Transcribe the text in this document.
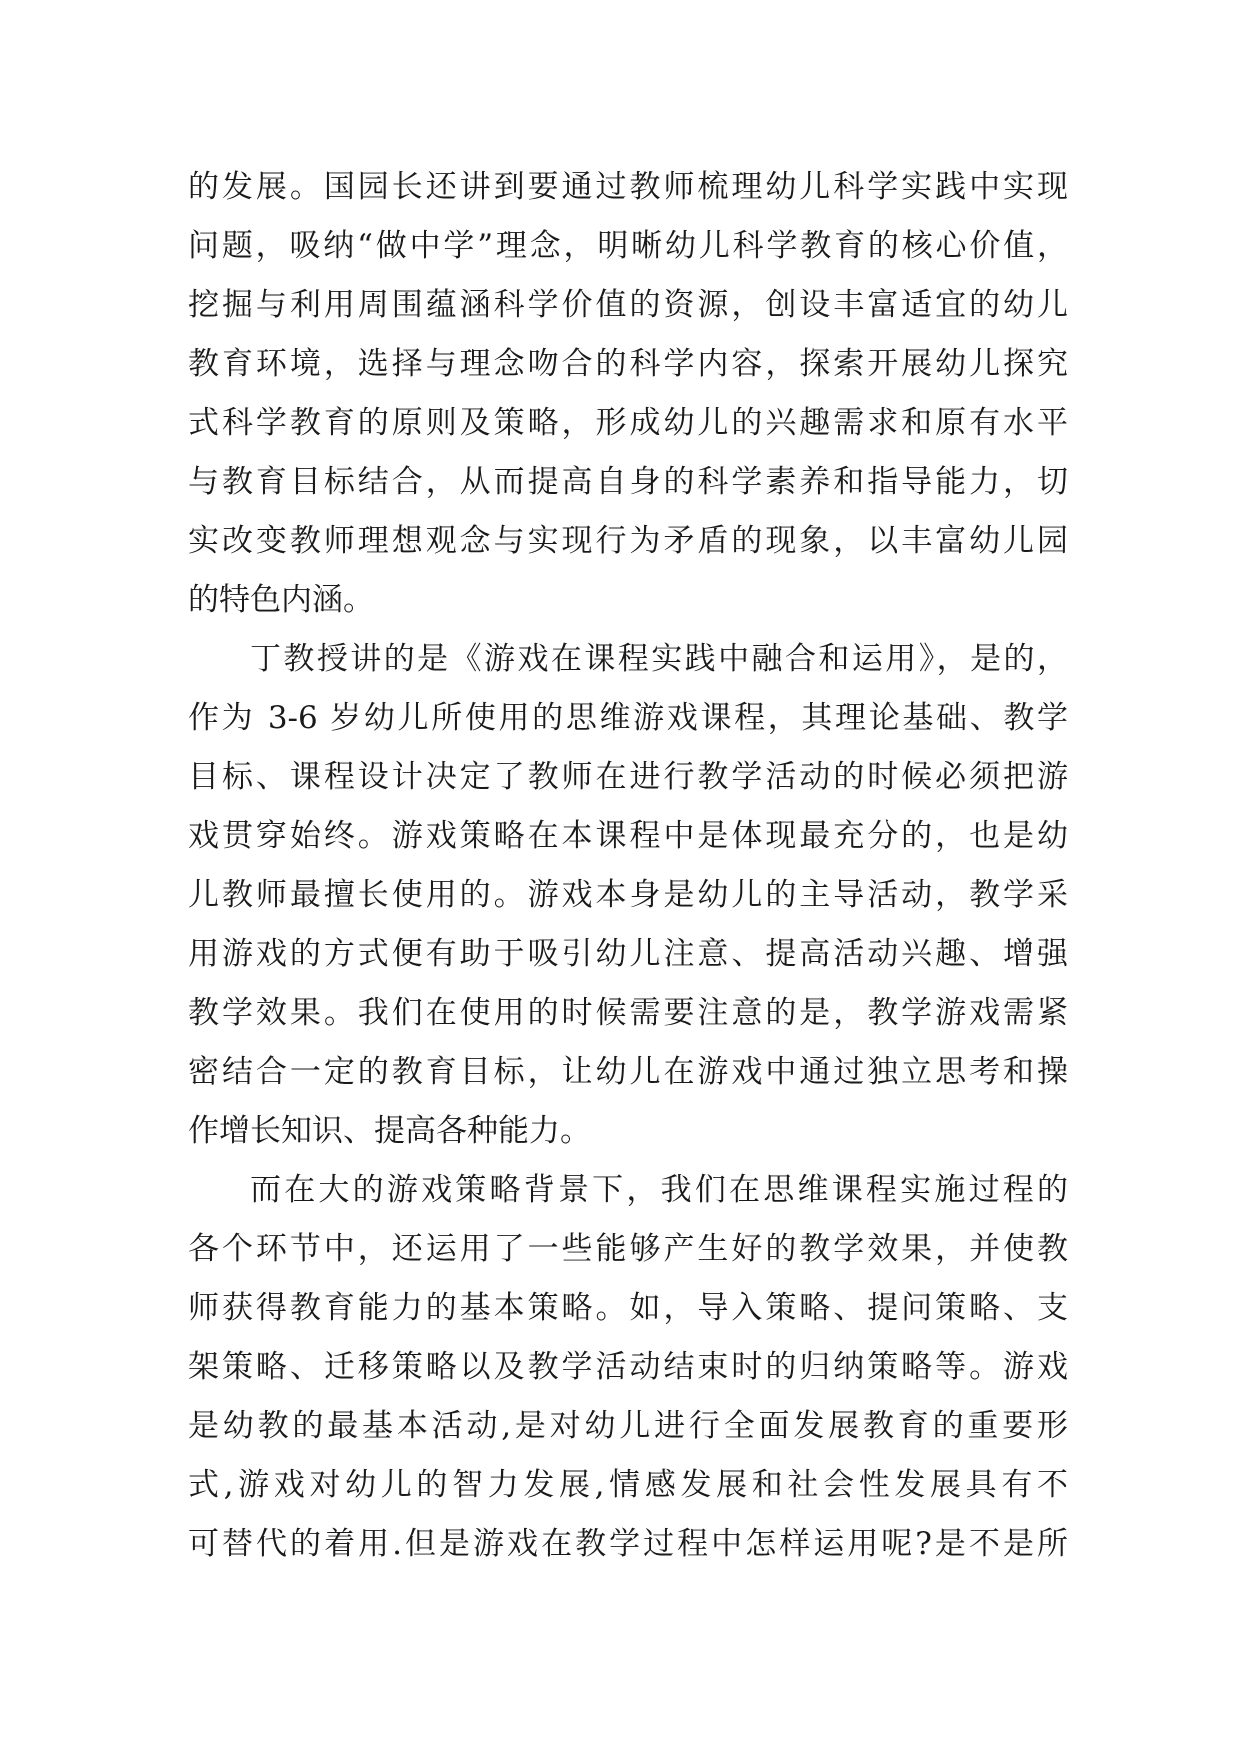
的发展。国园长还讲到要通过教师梳理幼儿科学实践中实现
问题，吸纳“做中学”理念，明晰幼儿科学教育的核心价值，
挖掘与利用周围蕴涵科学价值的资源，创设丰富适宜的幼儿
教育环境，选择与理念吻合的科学内容，探索开展幼儿探究
式科学教育的原则及策略，形成幼儿的兴趣需求和原有水平
与教育目标结合，从而提高自身的科学素养和指导能力，切
实改变教师理想观念与实现行为矛盾的现象，以丰富幼儿园
的特色内涵。

丁教授讲的是《游戏在课程实践中融合和运用》，是的，
作为 3-6 岁幼儿所使用的思维游戏课程，其理论基础、教学
目标、课程设计决定了教师在进行教学活动的时候必须把游
戏贯穿始终。游戏策略在本课程中是体现最充分的，也是幼
儿教师最擅长使用的。游戏本身是幼儿的主导活动，教学采
用游戏的方式便有助于吸引幼儿注意、提高活动兴趣、增强
教学效果。我们在使用的时候需要注意的是，教学游戏需紧
密结合一定的教育目标，让幼儿在游戏中通过独立思考和操
作增长知识、提高各种能力。

而在大的游戏策略背景下，我们在思维课程实施过程的
各个环节中，还运用了一些能够产生好的教学效果，并使教
师获得教育能力的基本策略。如，导入策略、提问策略、支
架策略、迁移策略以及教学活动结束时的归纳策略等。游戏
是幼教的最基本活动,是对幼儿进行全面发展教育的重要形
式,游戏对幼儿的智力发展,情感发展和社会性发展具有不
可替代的着用.但是游戏在教学过程中怎样运用呢?是不是所
